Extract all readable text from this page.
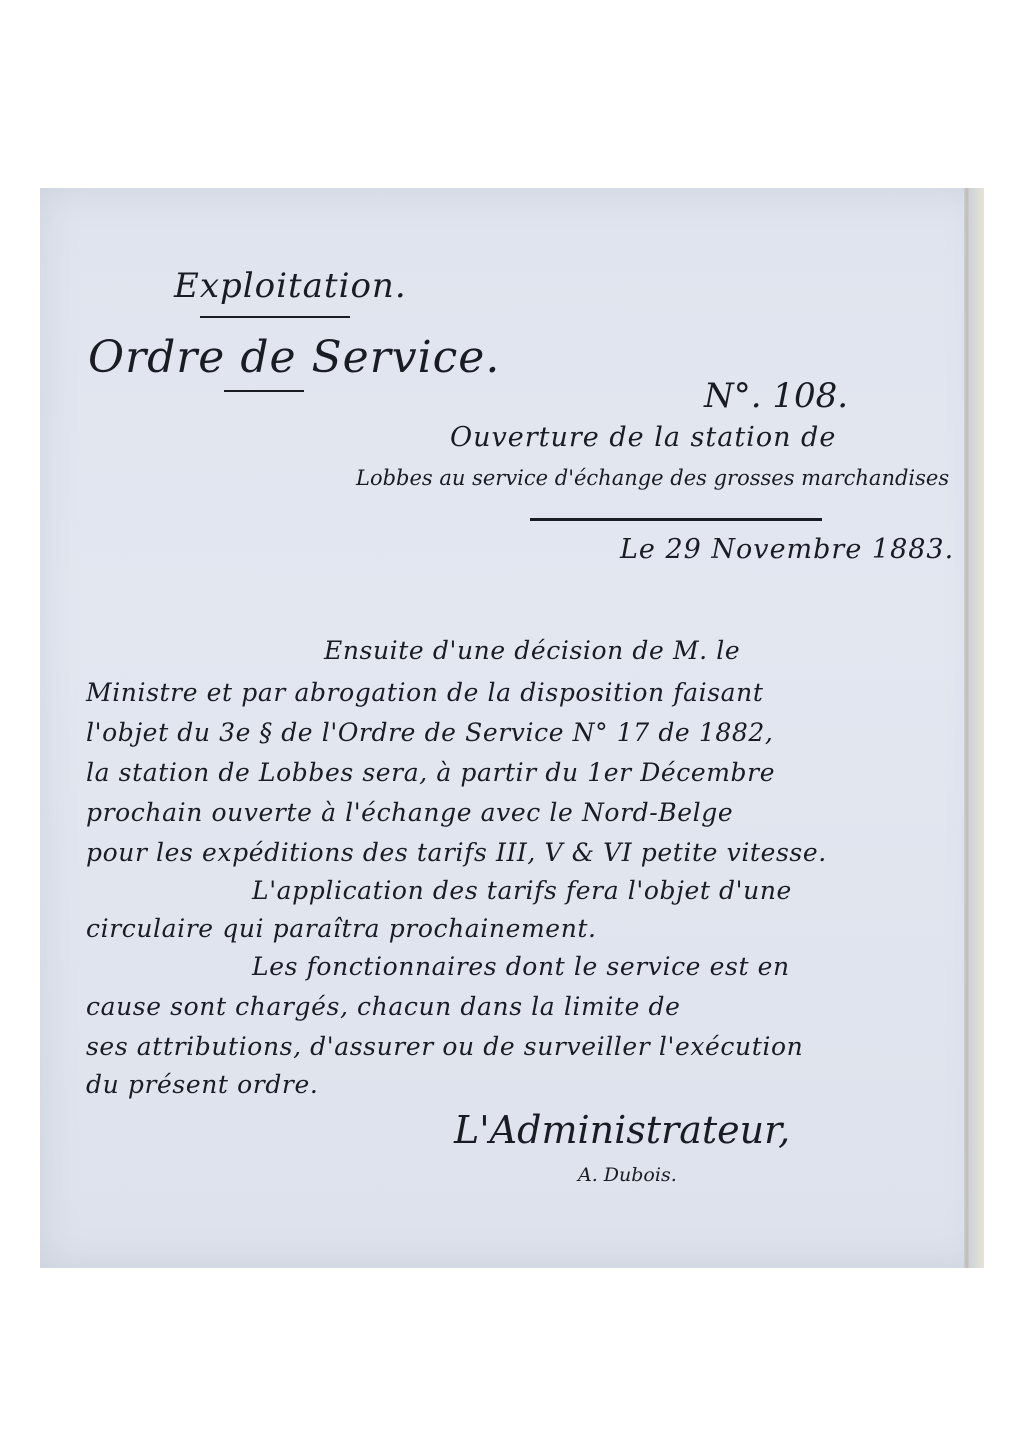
Exploitation.
Ordre de Service.
N°. 108.
Ouverture de la station de
Lobbes au service d'échange des grosses marchandises
Le 29 Novembre 1883.
Ensuite d'une décision de M. le
Ministre et par abrogation de la disposition faisant
l'objet du 3e § de l'Ordre de Service N° 17 de 1882,
la station de Lobbes sera, à partir du 1er Décembre
prochain ouverte à l'échange avec le Nord-Belge
pour les expéditions des tarifs III, V & VI petite vitesse.
L'application des tarifs fera l'objet d'une
circulaire qui paraîtra prochainement.
Les fonctionnaires dont le service est en
cause sont chargés, chacun dans la limite de
ses attributions, d'assurer ou de surveiller l'exécution
du présent ordre.
L'Administrateur,
A. Dubois.
